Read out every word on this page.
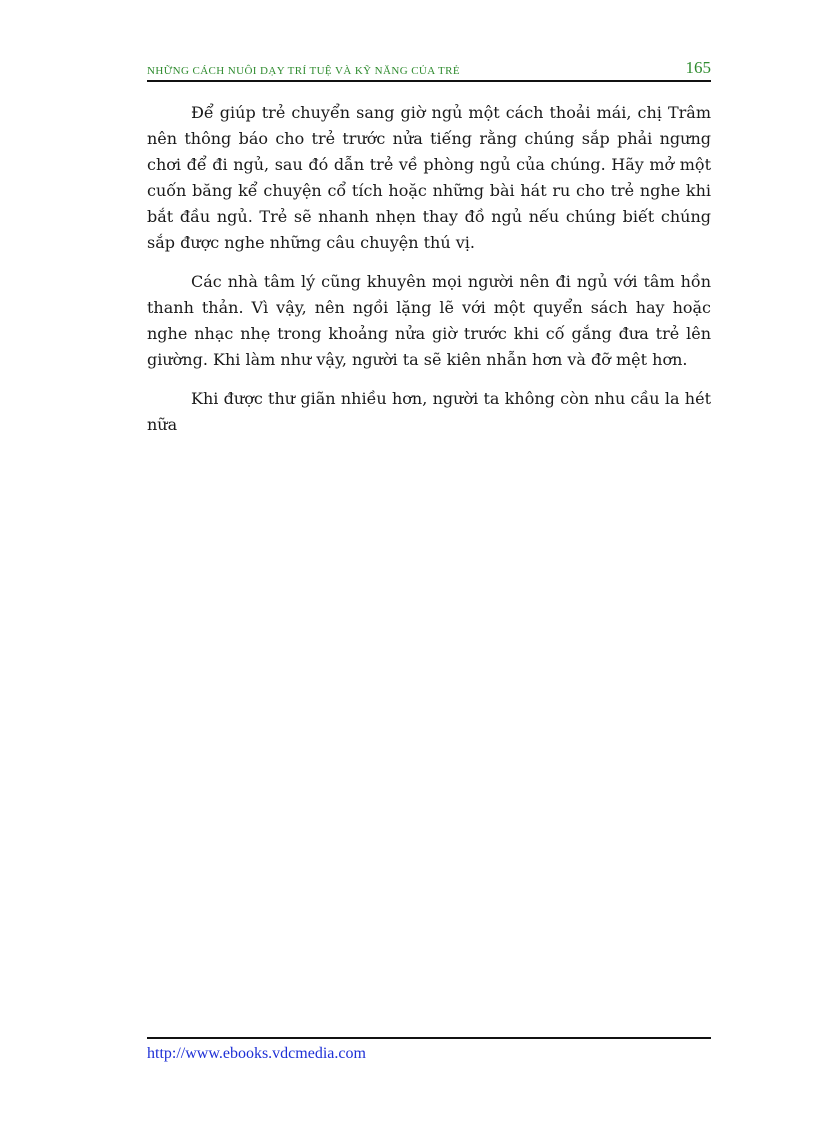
NHỮNG CÁCH NUÔI DẠY TRÍ TUỆ VÀ KỸ NĂNG CỦA TRẺ	165

Để giúp trẻ chuyển sang giờ ngủ một cách thoải mái, chị Trâm nên thông báo cho trẻ trước nửa tiếng rằng chúng sắp phải ngưng chơi để đi ngủ, sau đó dẫn trẻ về phòng ngủ của chúng. Hãy mở một cuốn băng kể chuyện cổ tích hoặc những bài hát ru cho trẻ nghe khi bắt đầu ngủ. Trẻ sẽ nhanh nhẹn thay đồ ngủ nếu chúng biết chúng sắp được nghe những câu chuyện thú vị.

Các nhà tâm lý cũng khuyên mọi người nên đi ngủ với tâm hồn thanh thản. Vì vậy, nên ngồi lặng lẽ với một quyển sách hay hoặc nghe nhạc nhẹ trong khoảng nửa giờ trước khi cố gắng đưa trẻ lên giường. Khi làm như vậy, người ta sẽ kiên nhẫn hơn và đỡ mệt hơn.

Khi được thư giãn nhiều hơn, người ta không còn nhu cầu la hét nữa

http://www.ebooks.vdcmedia.com
